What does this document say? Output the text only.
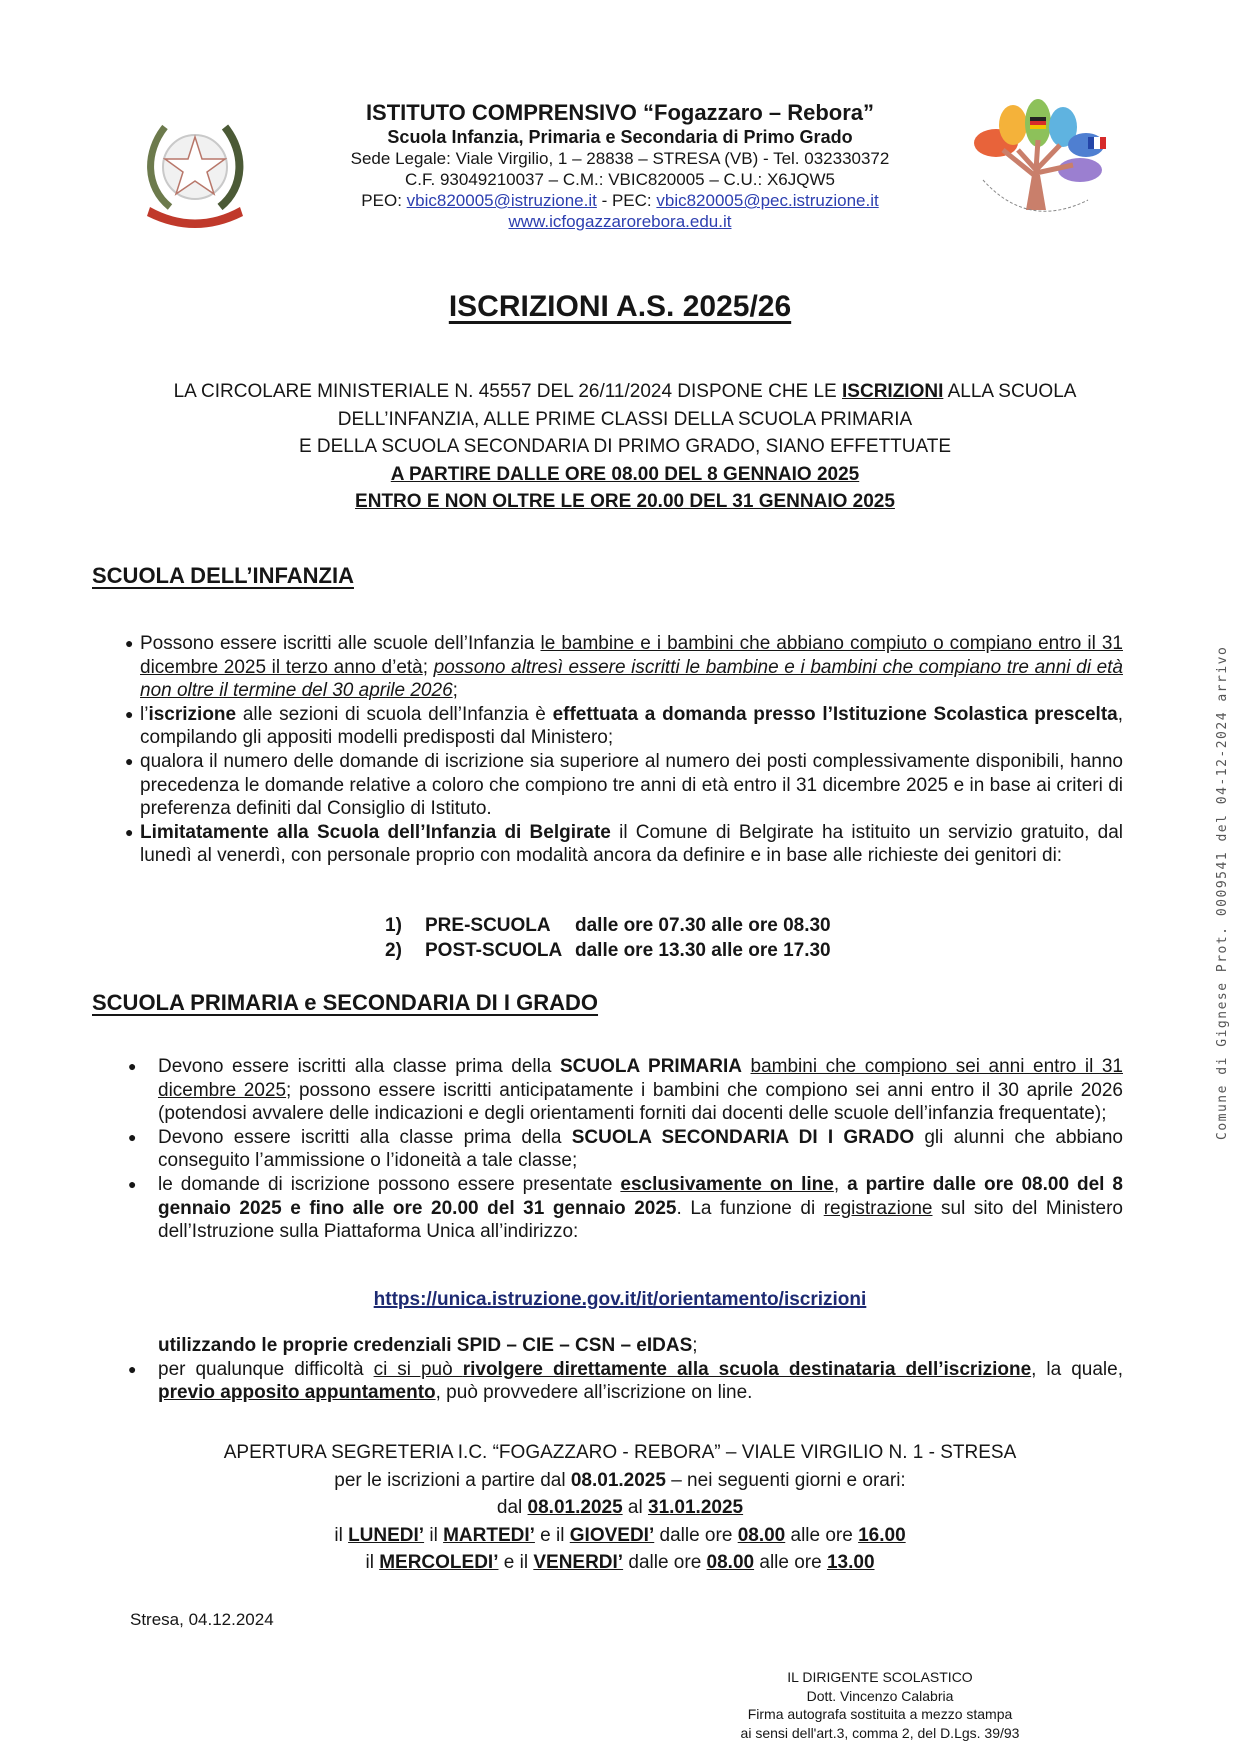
ISTITUTO COMPRENSIVO “Fogazzaro – Rebora”
Scuola Infanzia, Primaria e Secondaria di Primo Grado
Sede Legale: Viale Virgilio, 1 – 28838 – STRESA (VB) - Tel. 032330372
C.F. 93049210037 – C.M.: VBIC820005 – C.U.: X6JQW5
PEO: vbic820005@istruzione.it - PEC: vbic820005@pec.istruzione.it
www.icfogazzarorebora.edu.it
ISCRIZIONI A.S. 2025/26
LA CIRCOLARE MINISTERIALE N. 45557 DEL 26/11/2024 DISPONE CHE LE ISCRIZIONI ALLA SCUOLA
DELL’INFANZIA, ALLE PRIME CLASSI DELLA SCUOLA PRIMARIA
E DELLA SCUOLA SECONDARIA DI PRIMO GRADO, SIANO EFFETTUATE
A PARTIRE DALLE ORE 08.00 DEL 8 GENNAIO 2025
ENTRO E NON OLTRE LE ORE 20.00 DEL 31 GENNAIO 2025
SCUOLA DELL’INFANZIA
● Possono essere iscritti alle scuole dell’Infanzia le bambine e i bambini che abbiano compiuto o compiano entro il 31 dicembre 2025 il terzo anno d’età; possono altresì essere iscritti le bambine e i bambini che compiano tre anni di età non oltre il termine del 30 aprile 2026;
● l’iscrizione alle sezioni di scuola dell’Infanzia è effettuata a domanda presso l’Istituzione Scolastica prescelta, compilando gli appositi modelli predisposti dal Ministero;
● qualora il numero delle domande di iscrizione sia superiore al numero dei posti complessivamente disponibili, hanno precedenza le domande relative a coloro che compiono tre anni di età entro il 31 dicembre 2025 e in base ai criteri di preferenza definiti dal Consiglio di Istituto.
● Limitatamente alla Scuola dell’Infanzia di Belgirate il Comune di Belgirate ha istituito un servizio gratuito, dal lunedì al venerdì, con personale proprio con modalità ancora da definire e in base alle richieste dei genitori di:
1)	PRE-SCUOLA	dalle ore 07.30 alle ore 08.30
2)	POST-SCUOLA dalle ore 13.30 alle ore 17.30
SCUOLA PRIMARIA e SECONDARIA DI I GRADO
● Devono essere iscritti alla classe prima della SCUOLA PRIMARIA bambini che compiono sei anni entro il 31 dicembre 2025; possono essere iscritti anticipatamente i bambini che compiono sei anni entro il 30 aprile 2026 (potendosi avvalere delle indicazioni e degli orientamenti forniti dai docenti delle scuole dell’infanzia frequentate);
● Devono essere iscritti alla classe prima della SCUOLA SECONDARIA DI I GRADO gli alunni che abbiano conseguito l’ammissione o l’idoneità a tale classe;
● le domande di iscrizione possono essere presentate esclusivamente on line, a partire dalle ore 08.00 del 8 gennaio 2025 e fino alle ore 20.00 del 31 gennaio 2025. La funzione di registrazione sul sito del Ministero dell’Istruzione sulla Piattaforma Unica all’indirizzo:
https://unica.istruzione.gov.it/it/orientamento/iscrizioni
utilizzando le proprie credenziali SPID – CIE – CSN – eIDAS;
● per qualunque difficoltà ci si può rivolgere direttamente alla scuola destinataria dell’iscrizione, la quale, previo apposito appuntamento, può provvedere all’iscrizione on line.
APERTURA SEGRETERIA I.C. “FOGAZZARO - REBORA” – VIALE VIRGILIO N. 1 - STRESA
per le iscrizioni a partire dal 08.01.2025 – nei seguenti giorni e orari:
dal 08.01.2025 al 31.01.2025
il LUNEDI’ il MARTEDI’ e il GIOVEDI’ dalle ore 08.00 alle ore 16.00
il MERCOLEDI’ e il VENERDI’ dalle ore 08.00 alle ore 13.00
Stresa, 04.12.2024
IL DIRIGENTE SCOLASTICO
Dott. Vincenzo Calabria
Firma autografa sostituita a mezzo stampa
ai sensi dell'art.3, comma 2, del D.Lgs. 39/93
Comune di Gignese Prot. 0009541 del 04-12-2024 arrivo
